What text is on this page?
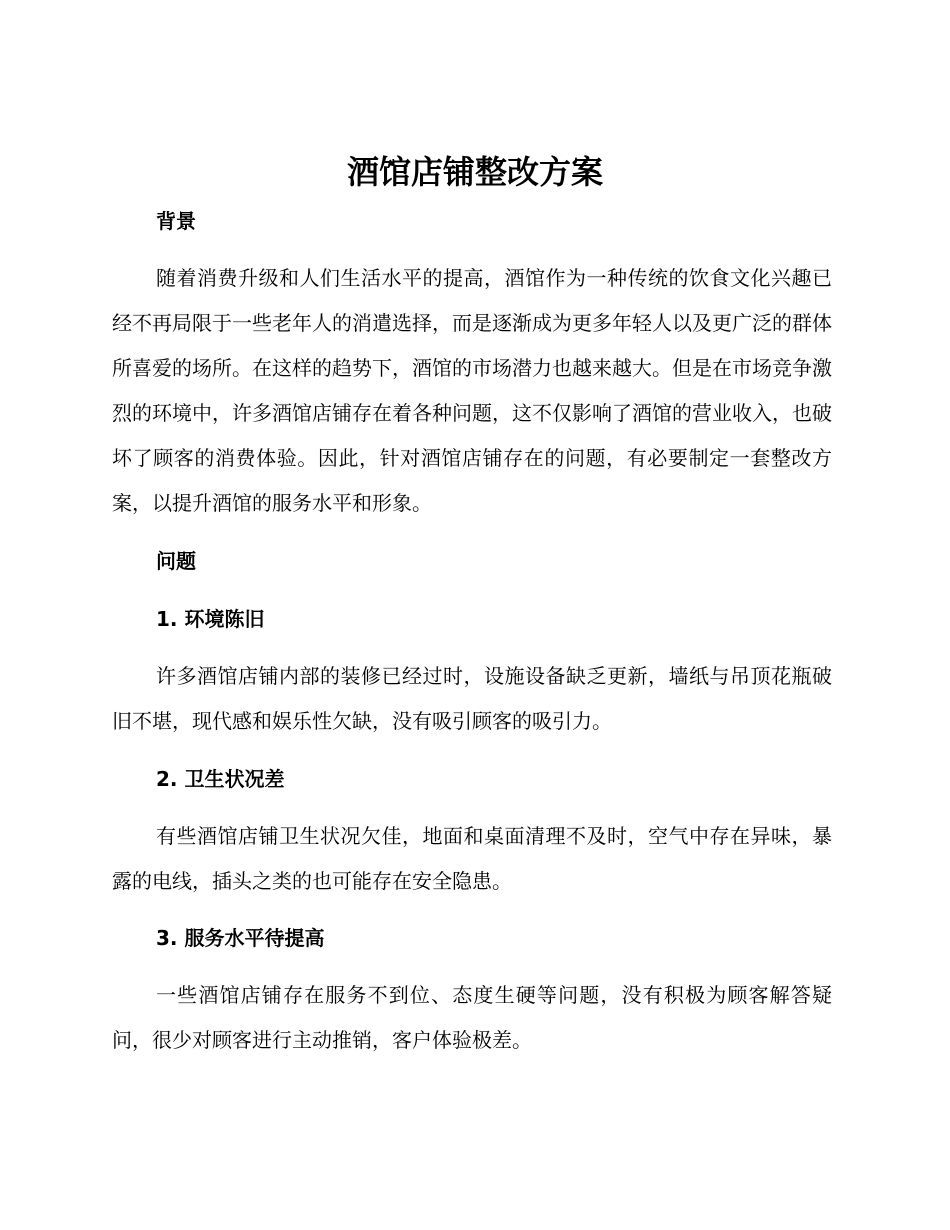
酒馆店铺整改方案
背景

随着消费升级和人们生活水平的提高，酒馆作为一种传统的饮食文化兴趣已经不再局限于一些老年人的消遣选择，而是逐渐成为更多年轻人以及更广泛的群体所喜爱的场所。在这样的趋势下，酒馆的市场潜力也越来越大。但是在市场竞争激烈的环境中，许多酒馆店铺存在着各种问题，这不仅影响了酒馆的营业收入，也破坏了顾客的消费体验。因此，针对酒馆店铺存在的问题，有必要制定一套整改方案，以提升酒馆的服务水平和形象。

问题
1. 环境陈旧

许多酒馆店铺内部的装修已经过时，设施设备缺乏更新，墙纸与吊顶花瓶破旧不堪，现代感和娱乐性欠缺，没有吸引顾客的吸引力。

2. 卫生状况差

有些酒馆店铺卫生状况欠佳，地面和桌面清理不及时，空气中存在异味，暴露的电线，插头之类的也可能存在安全隐患。

3. 服务水平待提高

一些酒馆店铺存在服务不到位、态度生硬等问题，没有积极为顾客解答疑问，很少对顾客进行主动推销，客户体验极差。
